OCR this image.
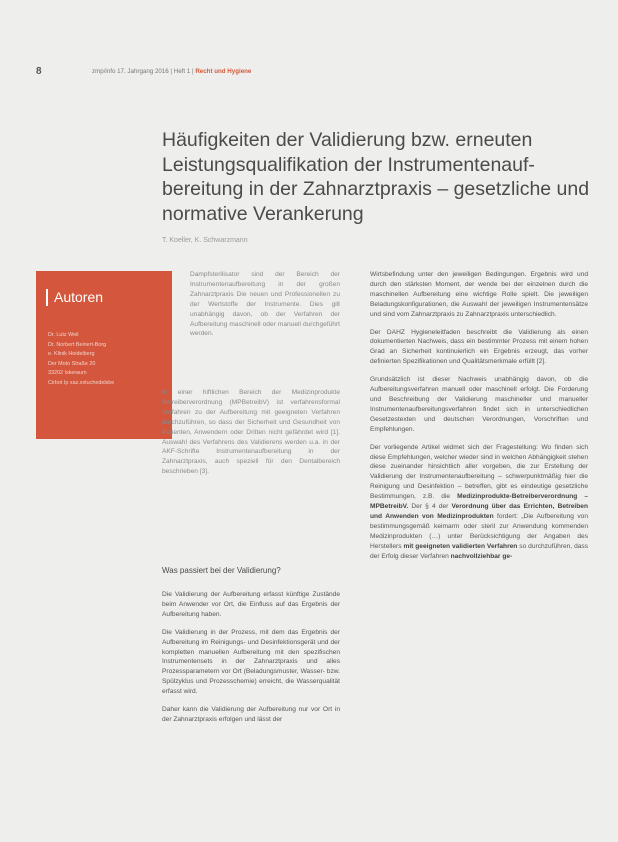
8	zmp/info 17. Jahrgang 2016 | Heft 1 | Recht und Hygiene
Häufigkeiten der Validierung bzw. erneuten Leistungsqualifikation der Instrumentenauf-bereitung in der Zahnarztpraxis – gesetzliche und normative Verankerung
T. Koeller, K. Schwarzmann
Autoren
Dr. Lutz Weil
Dr. Norbert Beinert-Borg
e. Klinik Heidelberg
Der Moto Straße 20
33202 Iskeraum
Cirbot Ip xaz.xxtuchedelsbe
Dampfsterilisator sind der Bereich der Instrumentenaufbereitung in der großen Zahnarztpraxis Die neuen und Professionellen zu der Wertstoffe der Instrumente. Dies gilt unabhängig davon, ob der Verfahren der Aufbereitung maschinell oder manuell durchgeführt werden.
In einer hiftlichen Bereich der Medizinprodukte Betreiberverordnung (MPBetreibV) ist verfahrensformal Verfahren zu der Aufbereitung mit geeigneten Verfahren durchzuführen, so dass der Sicherheit und Gesundheit von Patienten, Anwendern oder Dritten nicht gefährdet wird [1]. Auswahl des Verfahrens des Validierens werden u.a. in der AKF-Schrifte Instrumentenaufbereitung in der Zahnarztpraxis, auch speziell für den Dentalbereich beschrieben [3].
Was passiert bei der Validierung?

Die Validierung der Aufbereitung erfasst künftige Zustände beim Anwender vor Ort, die Einfluss auf das Ergebnis der Aufbereitung haben.

Die Validierung in der Prozess, mit dem das Ergebnis der Aufbereitung im Reinigungs- und Desinfektionsgerät und der kompletten manuellen Aufbereitung mit den spezifischen Instrumentensets in der Zahnarztpraxis und alles Prozessparametern vor Ort (Beladungsmuster, Wasser- bzw. Spülzyklus und Prozesschemie) erreicht, die Wasserqualität erfasst wird.

Daher kann die Validierung der Aufbereitung nur vor Ort in der Zahnarztpraxis erfolgen und lässt der

Wirtsbefindung unter den jeweiligen Bedingungen. Ergebnis wird und durch den stärksten Moment, der wende bei der einzelnen durch die maschinellen Aufbereitung eine wichtige Rolle spielt. Die jeweiligen Beladungskonfigurationen, die Auswahl der jeweiligen Instrumentensätze und sind vom Zahnarztpraxis zu Zahnarztpraxis unterschiedlich.

Der DAHZ Hygieneleitfaden beschreibt die Validierung als einen dokumentierten Nachweis, dass ein bestimmter Prozess mit einem hohen Grad an Sicherheit kontinuierlich ein Ergebnis erzeugt, das vorher definierten Spezifikationen und Qualitätsmerkmale erfüllt [2].

Grundsätzlich ist dieser Nachweis unabhängig davon, ob die Aufbereitungsverfahren manuell oder maschinell erfolgt. Die Forderung und Beschreibung der Validierung maschineller und manueller Instrumentenaufbereitungsverfahren findet sich in unterschiedlichen Gesetzestexten und deutschen Verordnungen, Vorschriften und Empfehlungen.

Der vorliegende Artikel widmet sich der Fragestellung: Wo finden sich diese Empfehlungen, welcher wieder sind in welchen Abhängigkeit stehen diese zueinander hinsichtlich aller vorgeben, die zur Erstellung der Validierung der Instrumentenaufbereitung – schwerpunktmäßig hier die Reinigung und Desinfektion – betreffen, gibt es eindeutige gesetzliche Bestimmungen, z.B. die Medizinprodukte-Betreiberverordnung – MPBetreibV. Der § 4 der Verordnung über das Errichten, Betreiben und Anwenden von Medizinprodukten fordert: „Die Aufbereitung von bestimmungsgemäß keimarm oder steril zur Anwendung kommenden Medizinprodukten (…) unter Berücksichtigung der Angaben des Herstellers mit geeigneten validierten Verfahren so durchzuführen, dass der Erfolg dieser Verfahren nachvollziehbar ge-
